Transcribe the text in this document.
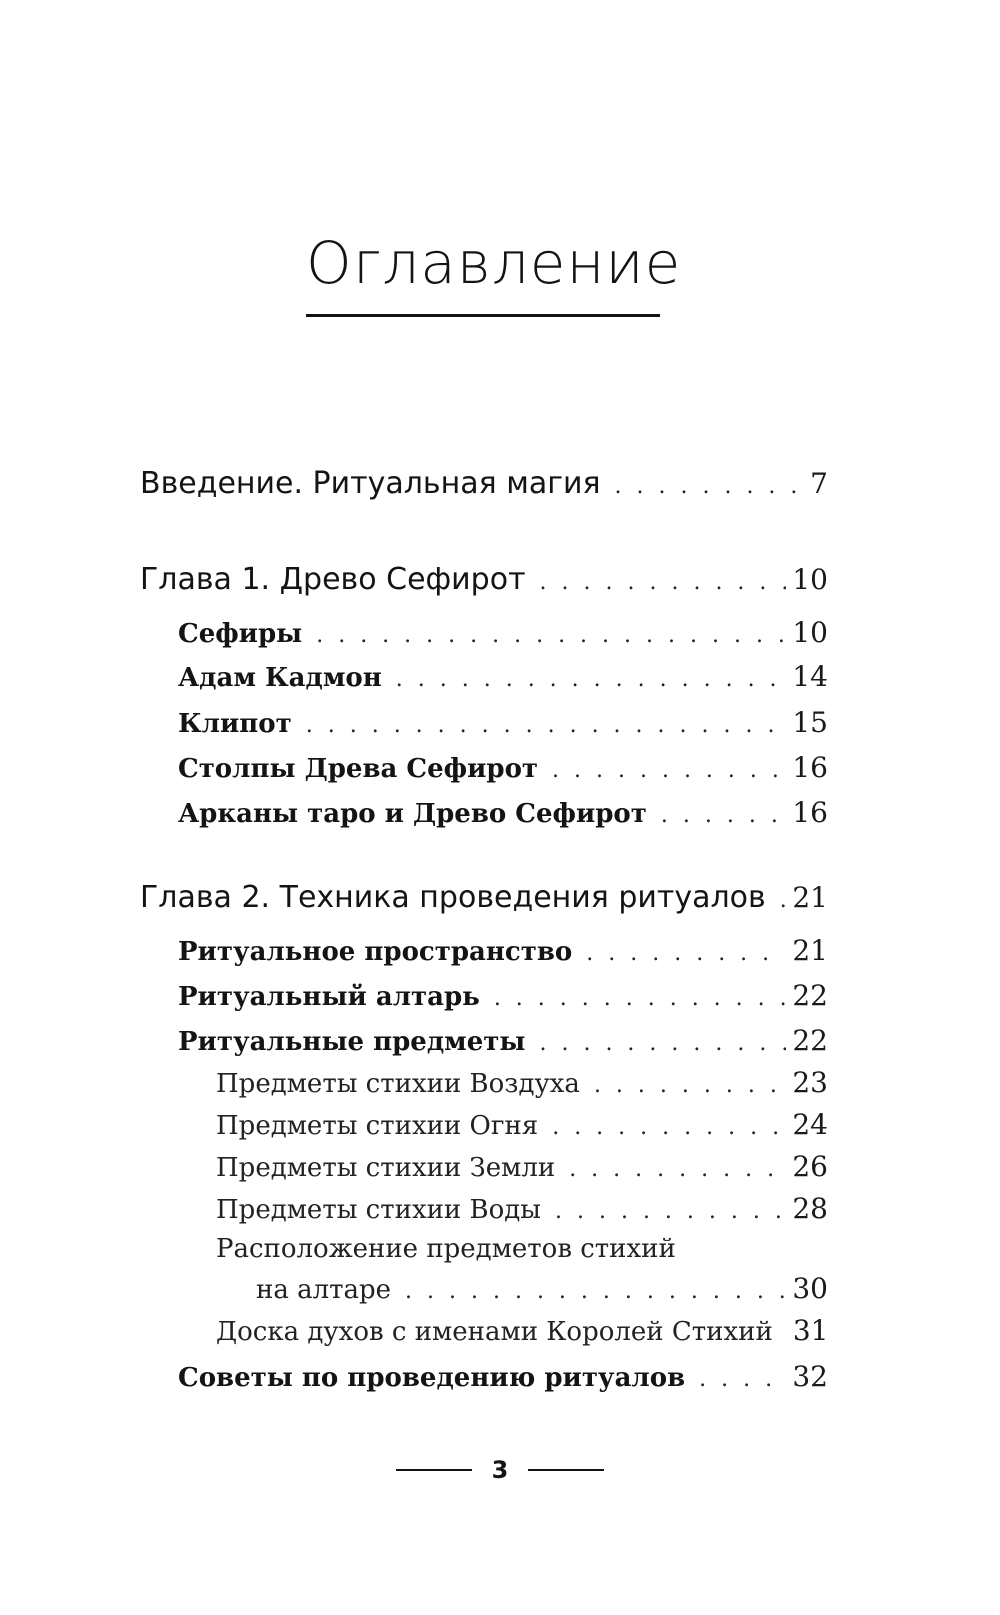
Оглавление
Введение. Ритуальная магия . . .	7
Глава 1. Древо Сефирот . . .	10
Сефиры . . .	10
Адам Кадмон . . .	14
Клипот . . .	15
Столпы Древа Сефирот . . .	16
Арканы таро и Древо Сефирот . . .	16
Глава 2. Техника проведения ритуалов . . . 21
Ритуальное пространство . . .	21
Ритуальный алтарь . . .	22
Ритуальные предметы . . .	22
Предметы стихии Воздуха . . .	23
Предметы стихии Огня . . .	24
Предметы стихии Земли . . .	26
Предметы стихии Воды . . .	28
Расположение предметов стихий
на алтаре . . .	30
Доска духов с именами Королей Стихий 31
Советы по проведению ритуалов . . .	32
3
